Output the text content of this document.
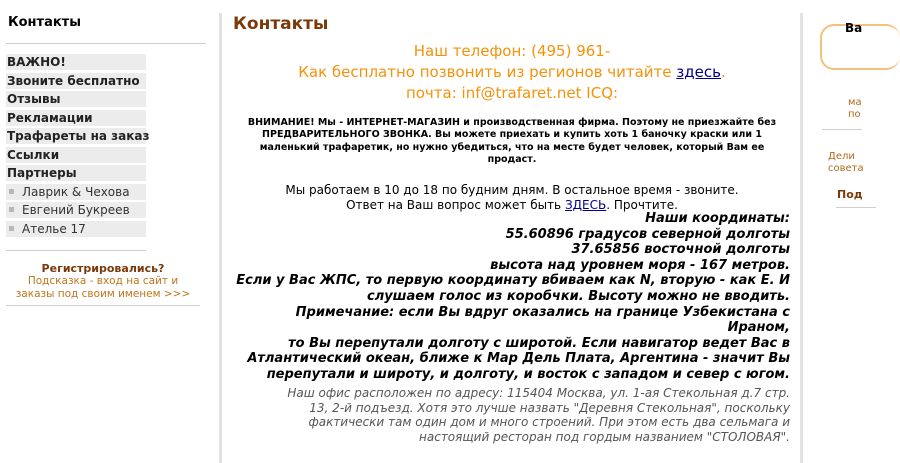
Контакты
ВАЖНО!
Звоните бесплатно
Отзывы
Рекламации
Трафареты на заказ
Ссылки
Партнеры
Лаврик & Чехова
Евгений Букреев
Ателье 17
Регистрировались?
Подсказка - вход на сайт и
заказы под своим именем >>>
Контакты
Наш телефон: (495) 961-
Как бесплатно позвонить из регионов читайте здесь.
почта: inf@trafaret.net ICQ:
ВНИМАНИЕ! Мы - ИНТЕРНЕТ-МАГАЗИН и производственная фирма. Поэтому не приезжайте без
ПРЕДВАРИТЕЛЬНОГО ЗВОНКА. Вы можете приехать и купить хоть 1 баночку краски или 1
маленький трафаретик, но нужно убедиться, что на месте будет человек, который Вам ее
продаст.
Мы работаем в 10 до 18 по будним дням. В остальное время - звоните.
Ответ на Ваш вопрос может быть ЗДЕСЬ. Прочтите.
Наши координаты:
55.60896 градусов северной долготы
37.65856 восточной долготы
высота над уровнем моря - 167 метров.
Если у Вас ЖПС, то первую координату вбиваем как N, вторую - как E. И
слушаем голос из коробчки. Высоту можно не вводить.
Примечание: если Вы вдруг оказались на границе Узбекистана с Ираном,
то Вы перепутали долготу с широтой. Если навигатор ведет Вас в
Атлантический океан, ближе к Мар Дель Плата, Аргентина - значит Вы
перепутали и широту, и долготу, и восток с западом и север с югом.
Наш офис расположен по адресу: 115404 Москва, ул. 1-ая Стекольная д.7 стр.
13, 2-й подъезд. Хотя это лучше назвать "Деревня Стекольная", поскольку
фактически там один дом и много строений. При этом есть два сельмага и
настоящий ресторан под гордым названием "СТОЛОВАЯ".
Ва
ма
по
Дели
совета
Под
